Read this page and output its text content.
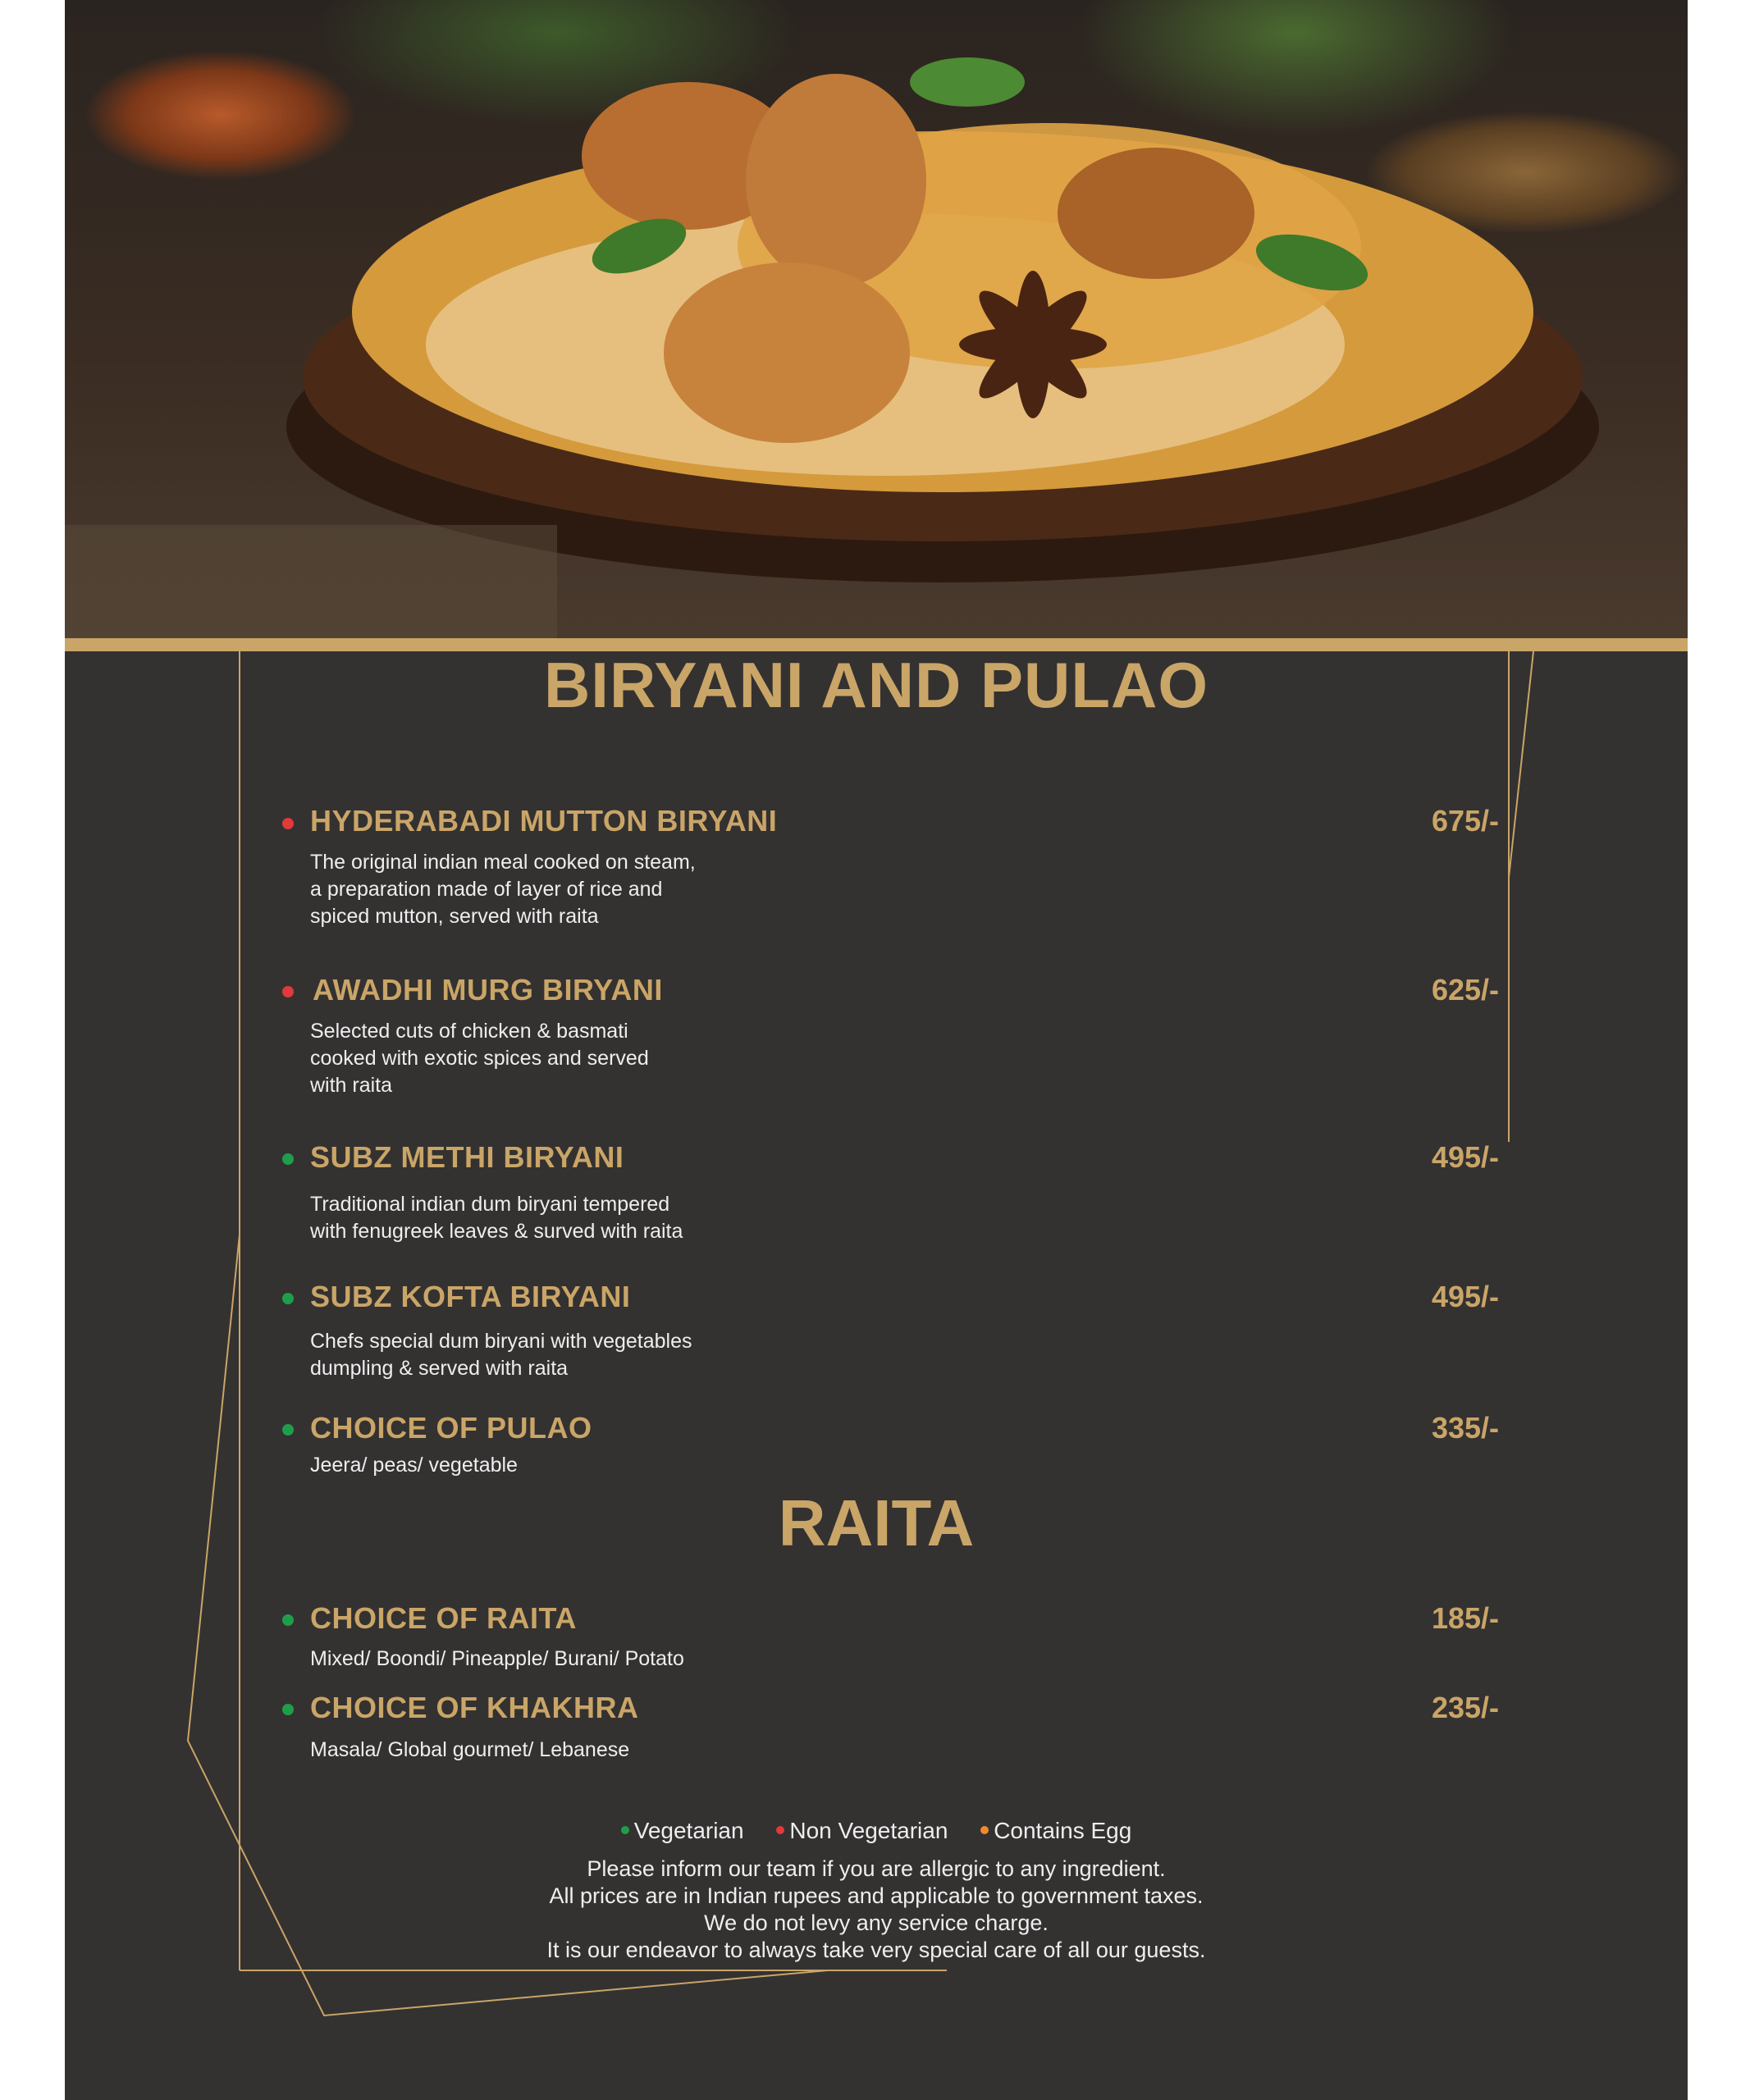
BIRYANI AND PULAO
HYDERABADI MUTTON BIRYANI	675/-
The original indian meal cooked on steam,
a preparation made of layer of rice and
spiced mutton, served with raita
AWADHI MURG BIRYANI	625/-
Selected cuts of chicken & basmati
cooked with exotic spices and served
with raita
SUBZ METHI BIRYANI	495/-
Traditional indian dum biryani tempered
with fenugreek leaves & surved with raita
SUBZ KOFTA BIRYANI	495/-
Chefs special dum biryani with vegetables
dumpling & served with raita
CHOICE OF PULAO	335/-
Jeera/ peas/ vegetable
RAITA
CHOICE OF RAITA	185/-
Mixed/ Boondi/ Pineapple/ Burani/ Potato
CHOICE OF KHAKHRA	235/-
Masala/ Global gourmet/ Lebanese
Vegetarian Non Vegetarian Contains Egg
Please inform our team if you are allergic to any ingredient.
All prices are in Indian rupees and applicable to government taxes.
We do not levy any service charge.
It is our endeavor to always take very special care of all our guests.
